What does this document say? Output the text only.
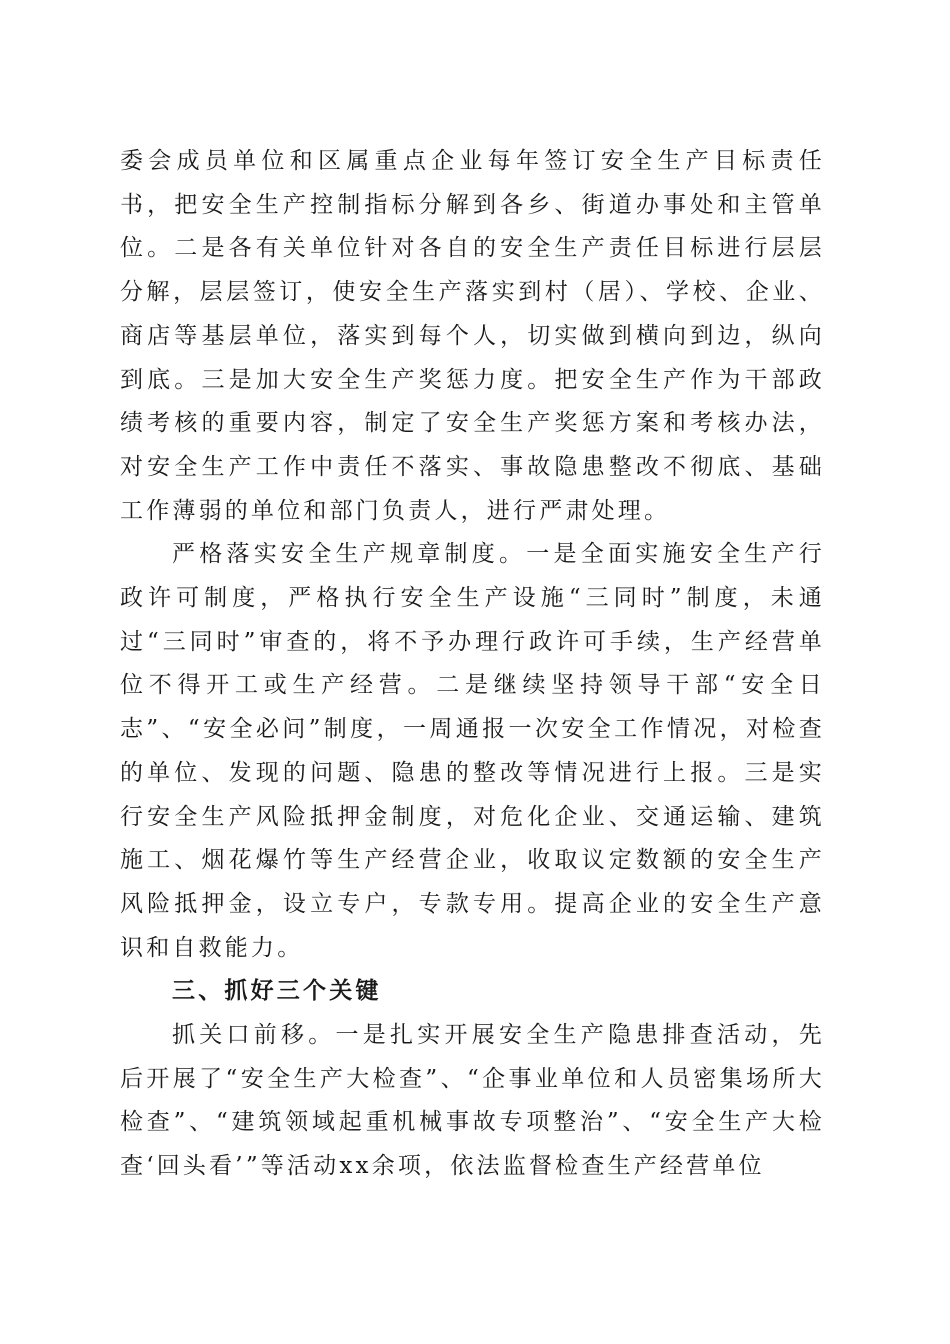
委会成员单位和区属重点企业每年签订安全生产目标责任书，把安全生产控制指标分解到各乡、街道办事处和主管单位。二是各有关单位针对各自的安全生产责任目标进行层层分解，层层签订，使安全生产落实到村（居）、学校、企业、商店等基层单位，落实到每个人，切实做到横向到边，纵向到底。三是加大安全生产奖惩力度。把安全生产作为干部政绩考核的重要内容，制定了安全生产奖惩方案和考核办法，对安全生产工作中责任不落实、事故隐患整改不彻底、基础工作薄弱的单位和部门负责人，进行严肃处理。

严格落实安全生产规章制度。一是全面实施安全生产行政许可制度，严格执行安全生产设施“三同时”制度，未通过“三同时”审查的，将不予办理行政许可手续，生产经营单位不得开工或生产经营。二是继续坚持领导干部“安全日志”、“安全必问”制度，一周通报一次安全工作情况，对检查的单位、发现的问题、隐患的整改等情况进行上报。三是实行安全生产风险抵押金制度，对危化企业、交通运输、建筑施工、烟花爆竹等生产经营企业，收取议定数额的安全生产风险抵押金，设立专户，专款专用。提高企业的安全生产意识和自救能力。

三、抓好三个关键

抓关口前移。一是扎实开展安全生产隐患排查活动，先后开展了“安全生产大检查”、“企事业单位和人员密集场所大检查”、“建筑领域起重机械事故专项整治”、“安全生产大检查‘回头看’”等活动xx余项，依法监督检查生产经营单位
